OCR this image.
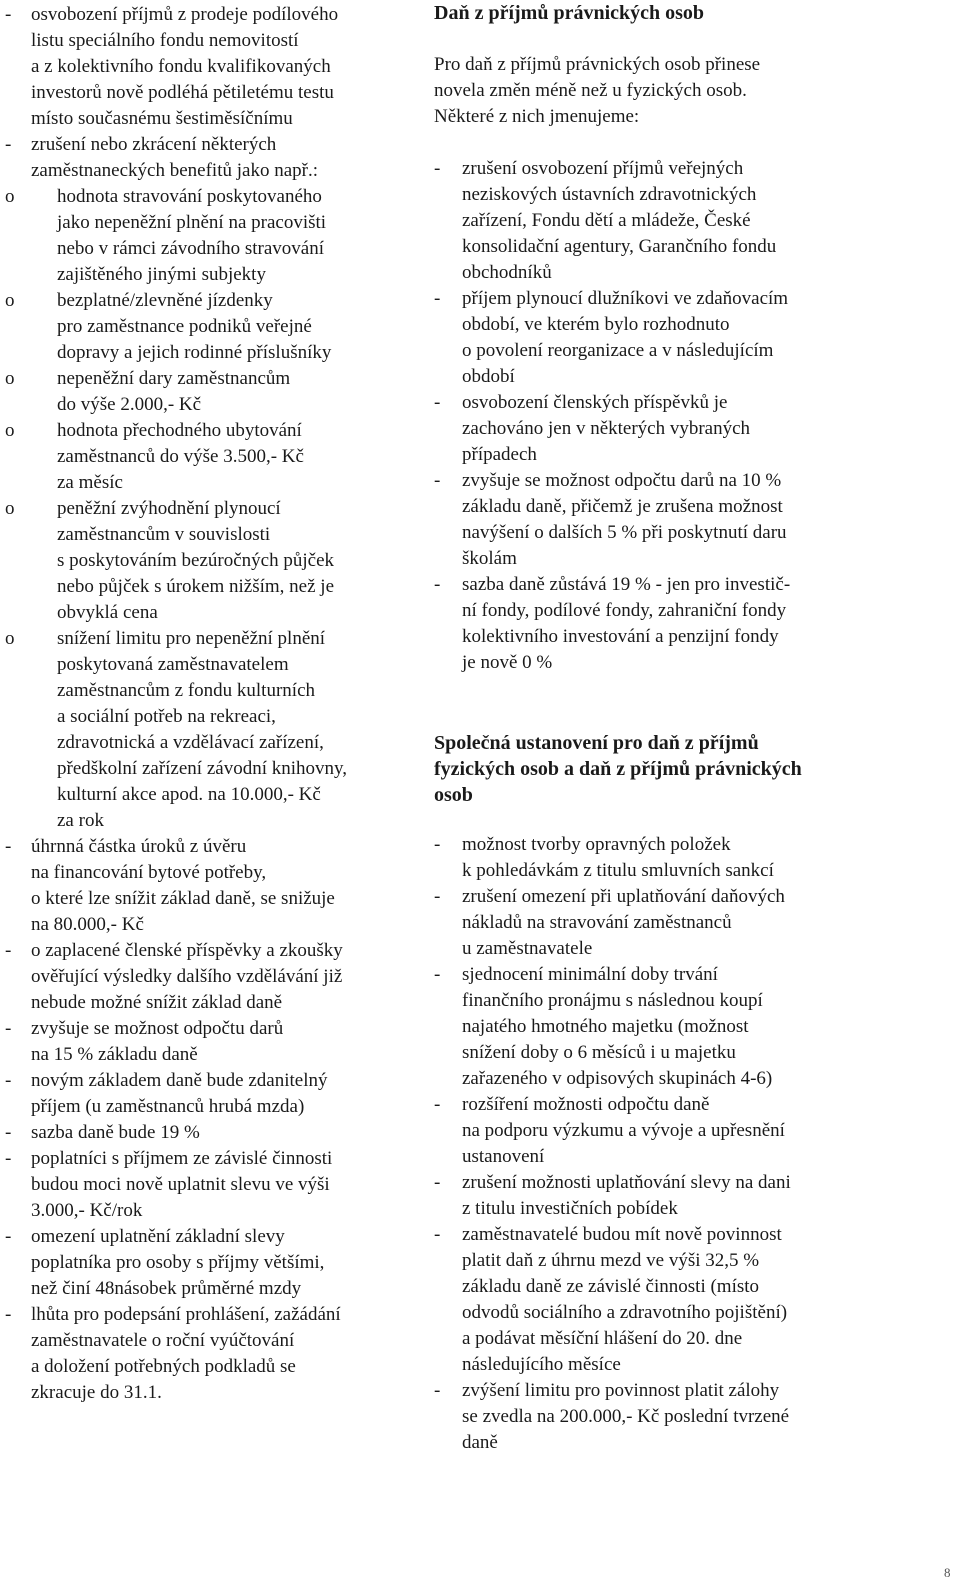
- osvobození příjmů z prodeje podílového
listu speciálního fondu nemovitostí
a z kolektivního fondu kvalifikovaných
investorů nově podléhá pětiletému testu
místo současnému šestiměsíčnímu
- zrušení nebo zkrácení některých
zaměstnaneckých benefitů jako např.:
o hodnota stravování poskytovaného
jako nepeněžní plnění na pracovišti
nebo v rámci závodního stravování
zajištěného jinými subjekty
o bezplatné/zlevněné jízdenky
pro zaměstnance podniků veřejné
dopravy a jejich rodinné příslušníky
o nepeněžní dary zaměstnancům
do výše 2.000,- Kč
o hodnota přechodného ubytování
zaměstnanců do výše 3.500,- Kč
za měsíc
o peněžní zvýhodnění plynoucí
zaměstnancům v souvislosti
s poskytováním bezúročných půjček
nebo půjček s úrokem nižším, než je
obvyklá cena
o snížení limitu pro nepeněžní plnění
poskytovaná zaměstnavatelem
zaměstnancům z fondu kulturních
a sociální potřeb na rekreaci,
zdravotnická a vzdělávací zařízení,
předškolní zařízení závodní knihovny,
kulturní akce apod. na 10.000,- Kč
za rok
- úhrnná částka úroků z úvěru
na financování bytové potřeby,
o které lze snížit základ daně, se snižuje
na 80.000,- Kč
- o zaplacené členské příspěvky a zkoušky
ověřující výsledky dalšího vzdělávání již
nebude možné snížit základ daně
- zvyšuje se možnost odpočtu darů
na 15 % základu daně
- novým základem daně bude zdanitelný
příjem (u zaměstnanců hrubá mzda)
- sazba daně bude 19 %
- poplatníci s příjmem ze závislé činnosti
budou moci nově uplatnit slevu ve výši
3.000,- Kč/rok
- omezení uplatnění základní slevy
poplatníka pro osoby s příjmy většími,
než činí 48násobek průměrné mzdy
- lhůta pro podepsání prohlášení, zažádání
zaměstnavatele o roční vyúčtování
a doložení potřebných podkladů se
zkracuje do 31.1.
Daň z příjmů právnických osob
Pro daň z příjmů právnických osob přinese
novela změn méně než u fyzických osob.
Některé z nich jmenujeme:
- zrušení osvobození příjmů veřejných
neziskových ústavních zdravotnických
zařízení, Fondu dětí a mládeže, České
konsolidační agentury, Garančního fondu
obchodníků
- příjem plynoucí dlužníkovi ve zdaňovacím
období, ve kterém bylo rozhodnuto
o povolení reorganizace a v následujícím
období
- osvobození členských příspěvků je
zachováno jen v některých vybraných
případech
- zvyšuje se možnost odpočtu darů na 10 %
základu daně, přičemž je zrušena možnost
navýšení o dalších 5 % při poskytnutí daru
školám
- sazba daně zůstává 19 % - jen pro investič-
ní fondy, podílové fondy, zahraniční fondy
kolektivního investování a penzijní fondy
je nově 0 %
Společná ustanovení pro daň z příjmů
fyzických osob a daň z příjmů právnických
osob
- možnost tvorby opravných položek
k pohledávkám z titulu smluvních sankcí
- zrušení omezení při uplatňování daňových
nákladů na stravování zaměstnanců
u zaměstnavatele
- sjednocení minimální doby trvání
finančního pronájmu s následnou koupí
najatého hmotného majetku (možnost
snížení doby o 6 měsíců i u majetku
zařazeného v odpisových skupinách 4-6)
- rozšíření možnosti odpočtu daně
na podporu výzkumu a vývoje a upřesnění
ustanovení
- zrušení možnosti uplatňování slevy na dani
z titulu investičních pobídek
- zaměstnavatelé budou mít nově povinnost
platit daň z úhrnu mezd ve výši 32,5 %
základu daně ze závislé činnosti (místo
odvodů sociálního a zdravotního pojištění)
a podávat měsíční hlášení do 20. dne
následujícího měsíce
- zvýšení limitu pro povinnost platit zálohy
se zvedla na 200.000,- Kč poslední tvrzené
daně
8
